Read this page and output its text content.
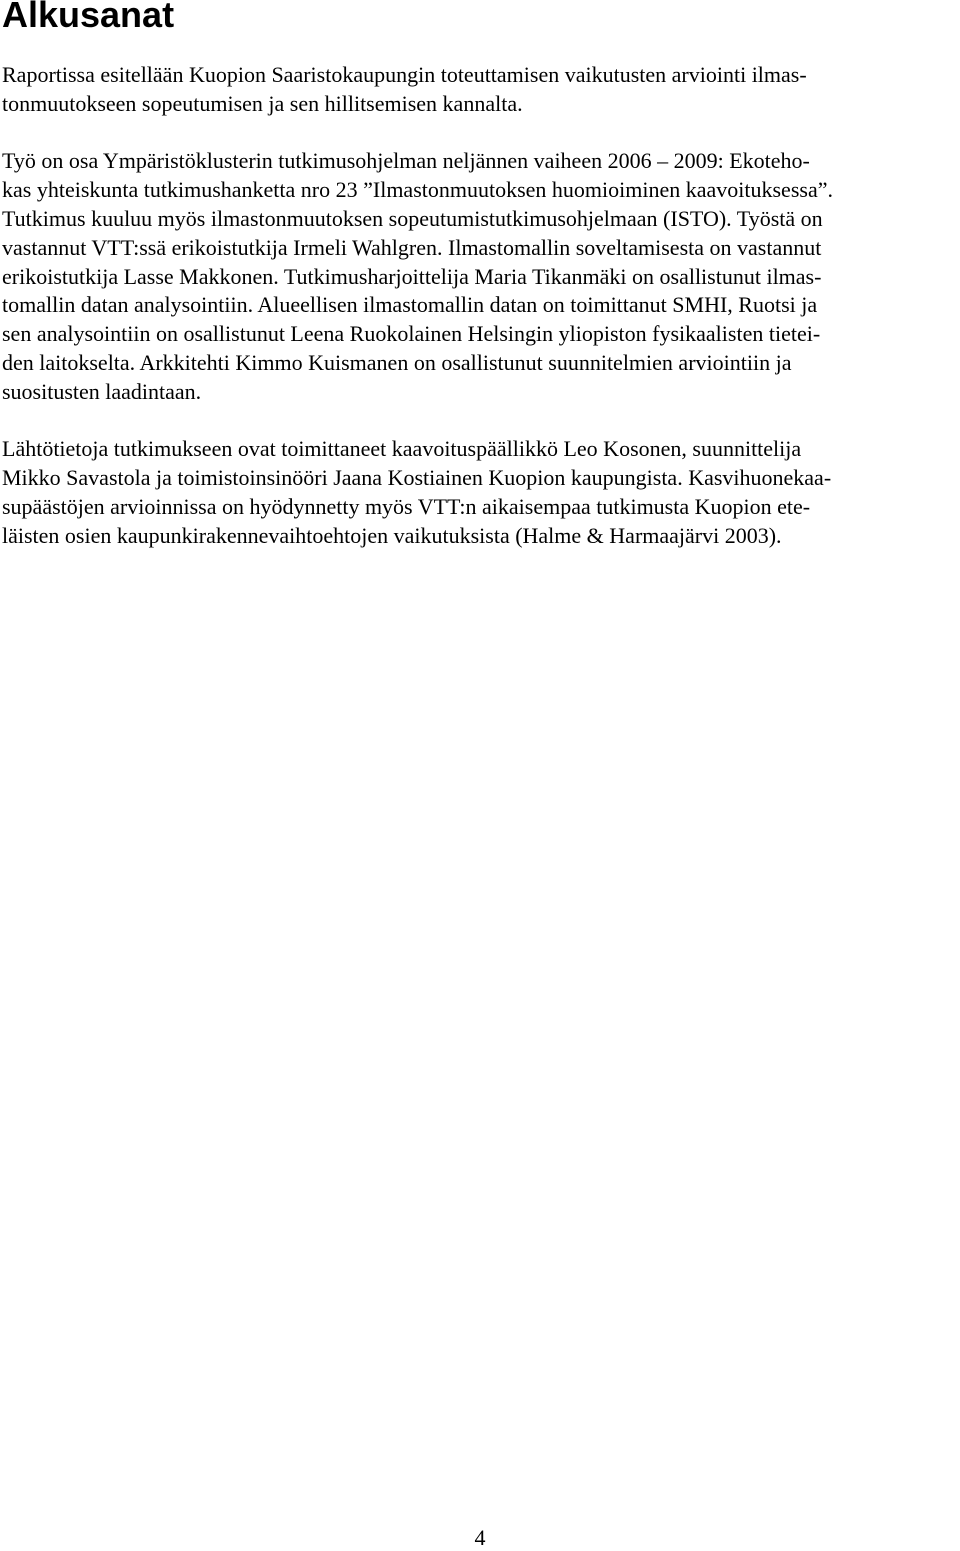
Alkusanat

Raportissa esitellään Kuopion Saaristokaupungin toteuttamisen vaikutusten arviointi ilmas-
tonmuutokseen sopeutumisen ja sen hillitsemisen kannalta.

Työ on osa Ympäristöklusterin tutkimusohjelman neljännen vaiheen 2006 – 2009: Ekoteho-
kas yhteiskunta tutkimushanketta nro 23 ”Ilmastonmuutoksen huomioiminen kaavoituksessa”.
Tutkimus kuuluu myös ilmastonmuutoksen sopeutumistutkimusohjelmaan (ISTO). Työstä on
vastannut VTT:ssä erikoistutkija Irmeli Wahlgren. Ilmastomallin soveltamisesta on vastannut
erikoistutkija Lasse Makkonen. Tutkimusharjoittelija Maria Tikanmäki on osallistunut ilmas-
tomallin datan analysointiin. Alueellisen ilmastomallin datan on toimittanut SMHI, Ruotsi ja
sen analysointiin on osallistunut Leena Ruokolainen Helsingin yliopiston fysikaalisten tietei-
den laitokselta. Arkkitehti Kimmo Kuismanen on osallistunut suunnitelmien arviointiin ja
suositusten laadintaan.

Lähtötietoja tutkimukseen ovat toimittaneet kaavoituspäällikkö Leo Kosonen, suunnittelija
Mikko Savastola ja toimistoinsinööri Jaana Kostiainen Kuopion kaupungista. Kasvihuonekaa-
supäästöjen arvioinnissa on hyödynnetty myös VTT:n aikaisempaa tutkimusta Kuopion ete-
läisten osien kaupunkirakennevaihtoehtojen vaikutuksista (Halme & Harmaajärvi 2003).

4
